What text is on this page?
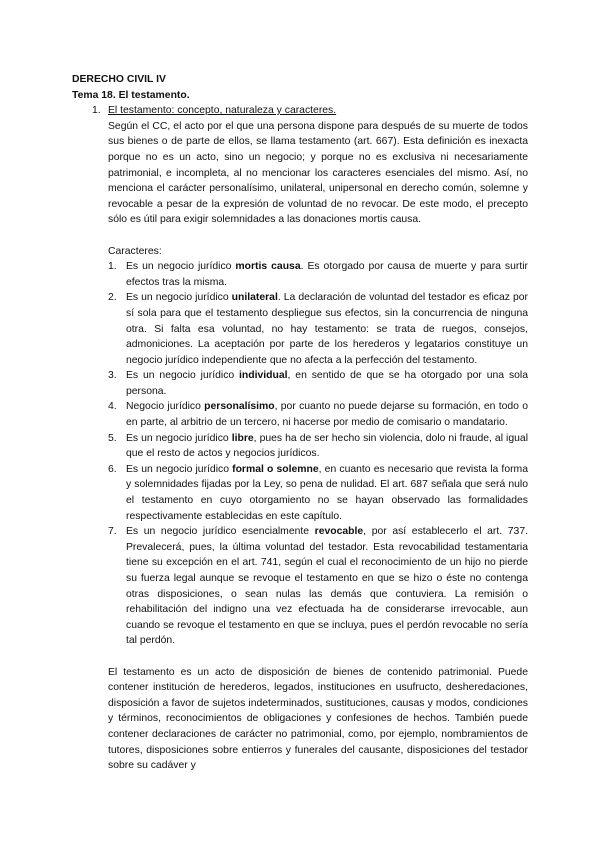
DERECHO CIVIL IV

Tema 18. El testamento.

1. El testamento: concepto, naturaleza y caracteres.

Según el CC, el acto por el que una persona dispone para después de su muerte de todos sus bienes o de parte de ellos, se llama testamento (art. 667). Esta definición es inexacta porque no es un acto, sino un negocio; y porque no es exclusiva ni necesariamente patrimonial, e incompleta, al no mencionar los caracteres esenciales del mismo. Así, no menciona el carácter personalísimo, unilateral, unipersonal en derecho común, solemne y revocable a pesar de la expresión de voluntad de no revocar. De este modo, el precepto sólo es útil para exigir solemnidades a las donaciones mortis causa.

Caracteres:

1. Es un negocio jurídico mortis causa. Es otorgado por causa de muerte y para surtir efectos tras la misma.
2. Es un negocio jurídico unilateral. La declaración de voluntad del testador es eficaz por sí sola para que el testamento despliegue sus efectos, sin la concurrencia de ninguna otra. Si falta esa voluntad, no hay testamento: se trata de ruegos, consejos, admoniciones. La aceptación por parte de los herederos y legatarios constituye un negocio jurídico independiente que no afecta a la perfección del testamento.
3. Es un negocio jurídico individual, en sentido de que se ha otorgado por una sola persona.
4. Negocio jurídico personalísimo, por cuanto no puede dejarse su formación, en todo o en parte, al arbitrio de un tercero, ni hacerse por medio de comisario o mandatario.
5. Es un negocio jurídico libre, pues ha de ser hecho sin violencia, dolo ni fraude, al igual que el resto de actos y negocios jurídicos.
6. Es un negocio jurídico formal o solemne, en cuanto es necesario que revista la forma y solemnidades fijadas por la Ley, so pena de nulidad. El art. 687 señala que será nulo el testamento en cuyo otorgamiento no se hayan observado las formalidades respectivamente establecidas en este capítulo.
7. Es un negocio jurídico esencialmente revocable, por así establecerlo el art. 737. Prevalecerá, pues, la última voluntad del testador. Esta revocabilidad testamentaria tiene su excepción en el art. 741, según el cual el reconocimiento de un hijo no pierde su fuerza legal aunque se revoque el testamento en que se hizo o éste no contenga otras disposiciones, o sean nulas las demás que contuviera. La remisión o rehabilitación del indigno una vez efectuada ha de considerarse irrevocable, aun cuando se revoque el testamento en que se incluya, pues el perdón revocable no sería tal perdón.

El testamento es un acto de disposición de bienes de contenido patrimonial. Puede contener institución de herederos, legados, instituciones en usufructo, desheredaciones, disposición a favor de sujetos indeterminados, sustituciones, causas y modos, condiciones y términos, reconocimientos de obligaciones y confesiones de hechos. También puede contener declaraciones de carácter no patrimonial, como, por ejemplo, nombramientos de tutores, disposiciones sobre entierros y funerales del causante, disposiciones del testador sobre su cadáver y
